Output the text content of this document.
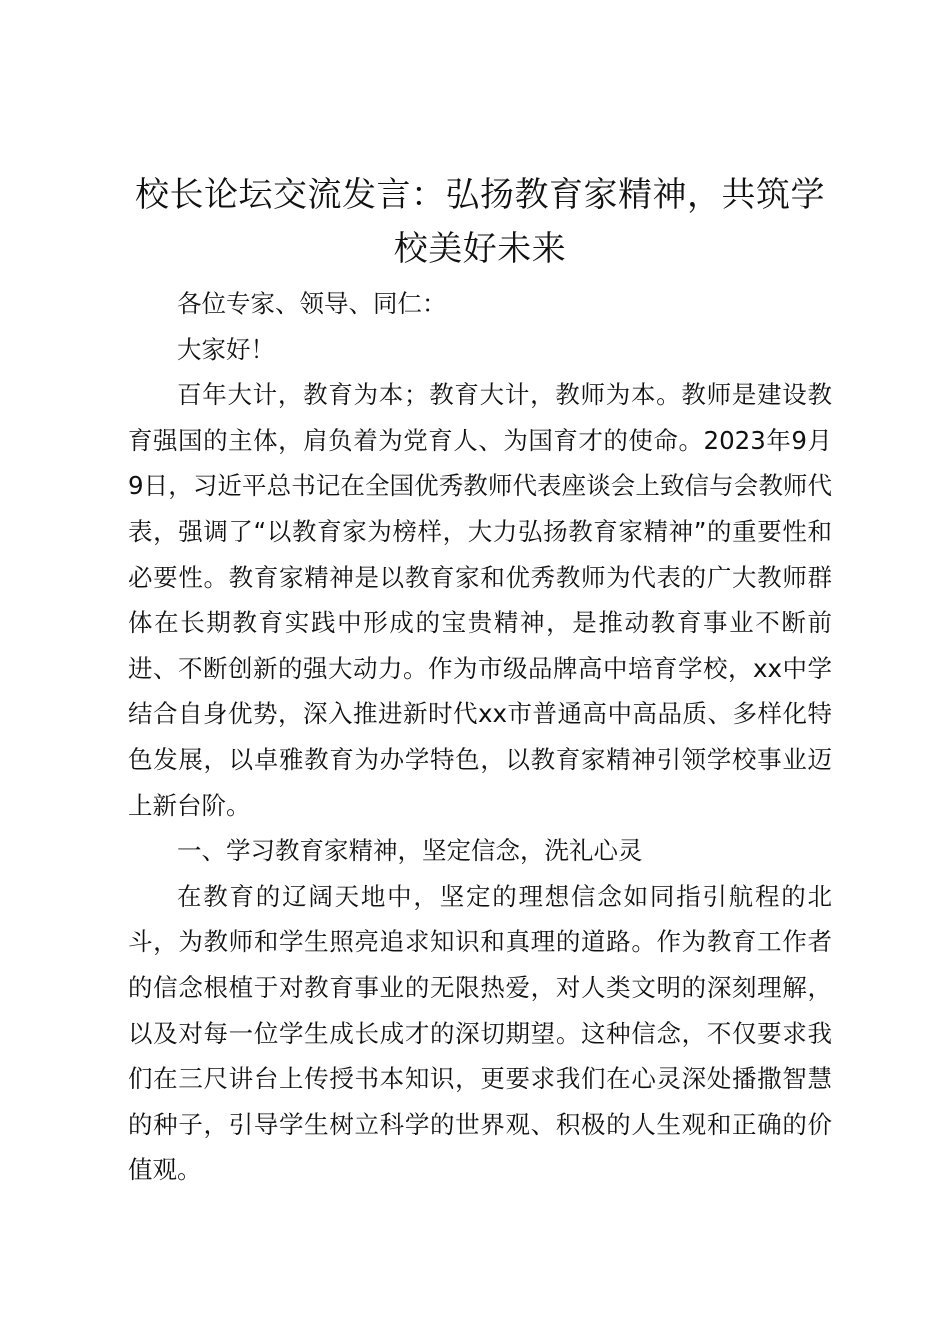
校长论坛交流发言：弘扬教育家精神，共筑学校美好未来

各位专家、领导、同仁：

大家好！

百年大计，教育为本；教育大计，教师为本。教师是建设教育强国的主体，肩负着为党育人、为国育才的使命。2023年9月9日，习近平总书记在全国优秀教师代表座谈会上致信与会教师代表，强调了“以教育家为榜样，大力弘扬教育家精神”的重要性和必要性。教育家精神是以教育家和优秀教师为代表的广大教师群体在长期教育实践中形成的宝贵精神，是推动教育事业不断前进、不断创新的强大动力。作为市级品牌高中培育学校，xx中学结合自身优势，深入推进新时代xx市普通高中高品质、多样化特色发展，以卓雅教育为办学特色，以教育家精神引领学校事业迈上新台阶。

一、学习教育家精神，坚定信念，洗礼心灵

在教育的辽阔天地中，坚定的理想信念如同指引航程的北斗，为教师和学生照亮追求知识和真理的道路。作为教育工作者的信念根植于对教育事业的无限热爱，对人类文明的深刻理解，以及对每一位学生成长成才的深切期望。这种信念，不仅要求我们在三尺讲台上传授书本知识，更要求我们在心灵深处播撒智慧的种子，引导学生树立科学的世界观、积极的人生观和正确的价值观。
